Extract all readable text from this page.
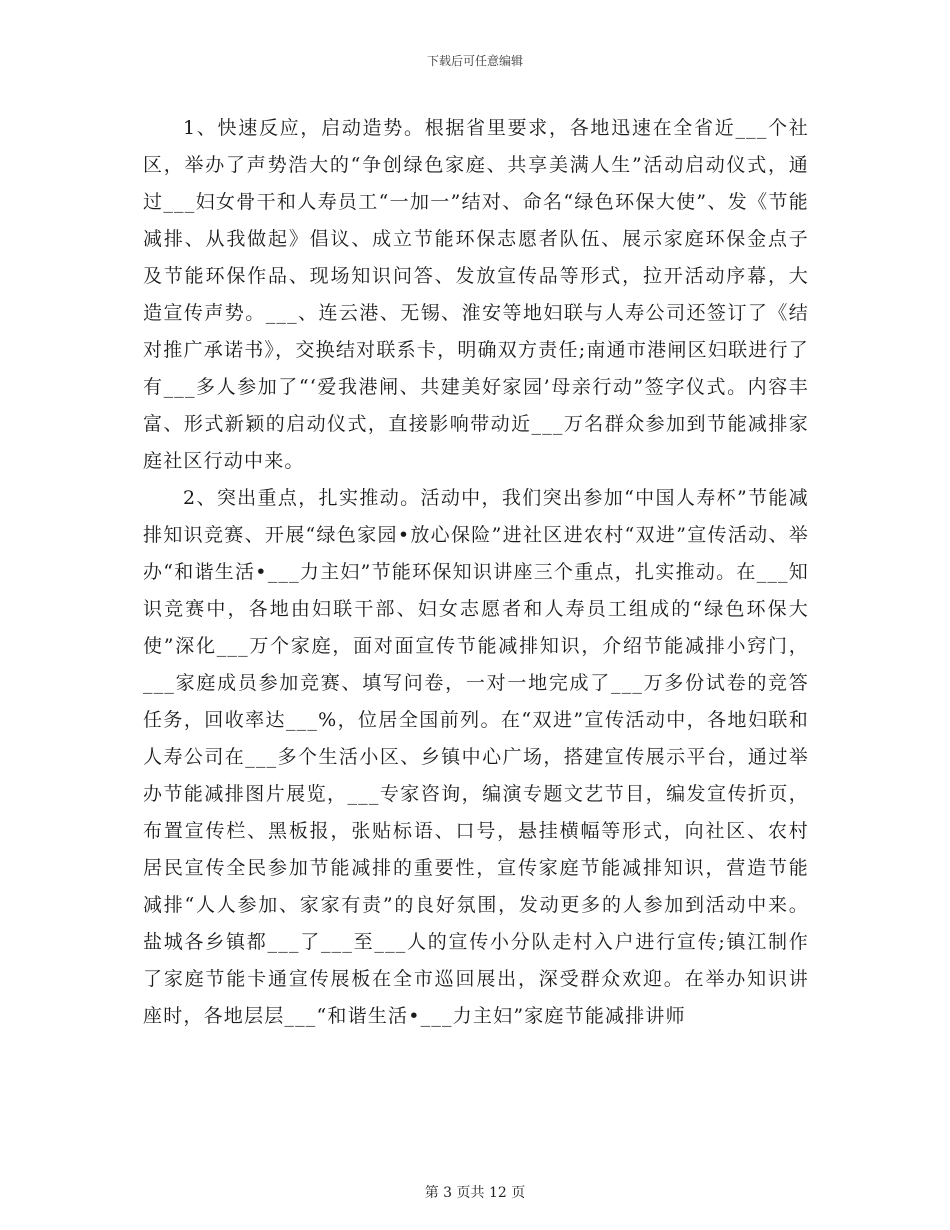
下载后可任意编辑

1、快速反应，启动造势。根据省里要求，各地迅速在全省近___个社区，举办了声势浩大的“争创绿色家庭、共享美满人生”活动启动仪式，通过___妇女骨干和人寿员工“一加一”结对、命名“绿色环保大使”、发《节能减排、从我做起》倡议、成立节能环保志愿者队伍、展示家庭环保金点子及节能环保作品、现场知识问答、发放宣传品等形式，拉开活动序幕，大造宣传声势。___、连云港、无锡、淮安等地妇联与人寿公司还签订了《结对推广承诺书》，交换结对联系卡，明确双方责任;南通市港闸区妇联进行了有___多人参加了“‘爱我港闸、共建美好家园’母亲行动”签字仪式。内容丰富、形式新颖的启动仪式，直接影响带动近___万名群众参加到节能减排家庭社区行动中来。

2、突出重点，扎实推动。活动中，我们突出参加“中国人寿杯”节能减排知识竞赛、开展“绿色家园•放心保险”进社区进农村“双进”宣传活动、举办“和谐生活•___力主妇”节能环保知识讲座三个重点，扎实推动。在___知识竞赛中，各地由妇联干部、妇女志愿者和人寿员工组成的“绿色环保大使”深化___万个家庭，面对面宣传节能减排知识，介绍节能减排小窍门，___家庭成员参加竞赛、填写问卷，一对一地完成了___万多份试卷的竞答任务，回收率达___%，位居全国前列。在“双进”宣传活动中，各地妇联和人寿公司在___多个生活小区、乡镇中心广场，搭建宣传展示平台，通过举办节能减排图片展览，___专家咨询，编演专题文艺节目，编发宣传折页，布置宣传栏、黑板报，张贴标语、口号，悬挂横幅等形式，向社区、农村居民宣传全民参加节能减排的重要性，宣传家庭节能减排知识，营造节能减排“人人参加、家家有责”的良好氛围，发动更多的人参加到活动中来。盐城各乡镇都___了___至___人的宣传小分队走村入户进行宣传;镇江制作了家庭节能卡通宣传展板在全市巡回展出，深受群众欢迎。在举办知识讲座时，各地层层___“和谐生活•___力主妇”家庭节能减排讲师

第 3 页共 12 页
